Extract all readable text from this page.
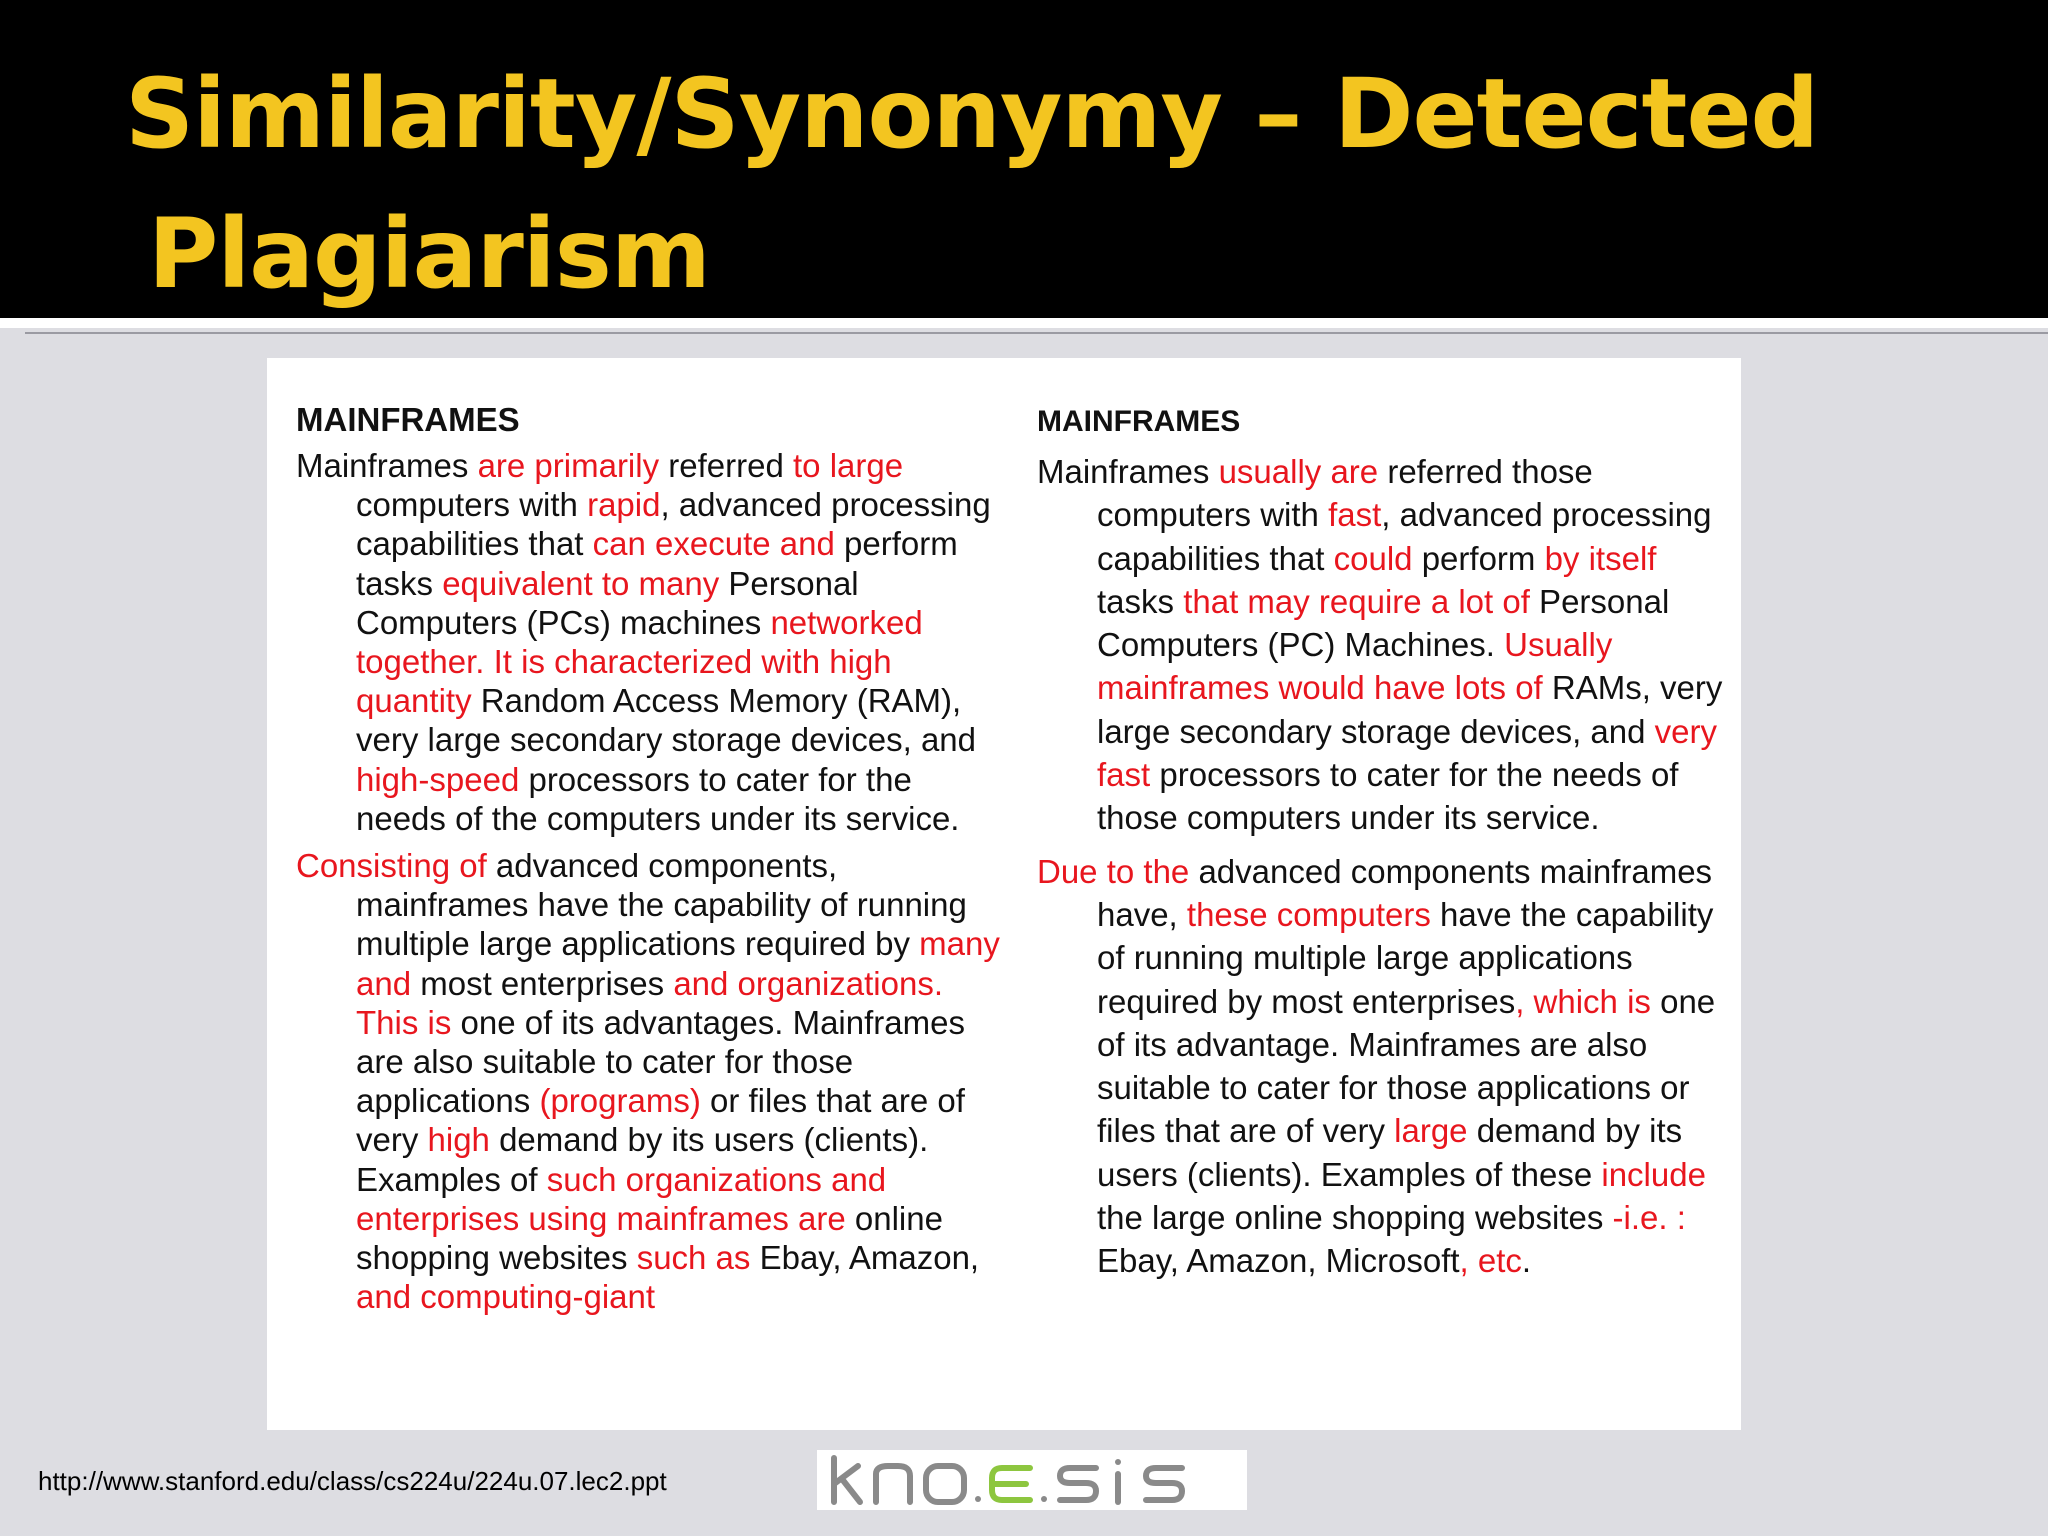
Similarity/Synonymy – Detected
Plagiarism
MAINFRAMES

Mainframes are primarily referred to large computers with rapid, advanced processing capabilities that can execute and perform tasks equivalent to many Personal Computers (PCs) machines networked together. It is characterized with high quantity Random Access Memory (RAM), very large secondary storage devices, and high-speed processors to cater for the needs of the computers under its service.

Consisting of advanced components, mainframes have the capability of running multiple large applications required by many and most enterprises and organizations. This is one of its advantages. Mainframes are also suitable to cater for those applications (programs) or files that are of very high demand by its users (clients). Examples of such organizations and enterprises using mainframes are online shopping websites such as Ebay, Amazon, and computing-giant

MAINFRAMES

Mainframes usually are referred those computers with fast, advanced processing capabilities that could perform by itself tasks that may require a lot of Personal Computers (PC) Machines. Usually mainframes would have lots of RAMs, very large secondary storage devices, and very fast processors to cater for the needs of those computers under its service.

Due to the advanced components mainframes have, these computers have the capability of running multiple large applications required by most enterprises, which is one of its advantage. Mainframes are also suitable to cater for those applications or files that are of very large demand by its users (clients). Examples of these include the large online shopping websites -i.e. : Ebay, Amazon, Microsoft, etc.

http://www.stanford.edu/class/cs224u/224u.07.lec2.ppt
